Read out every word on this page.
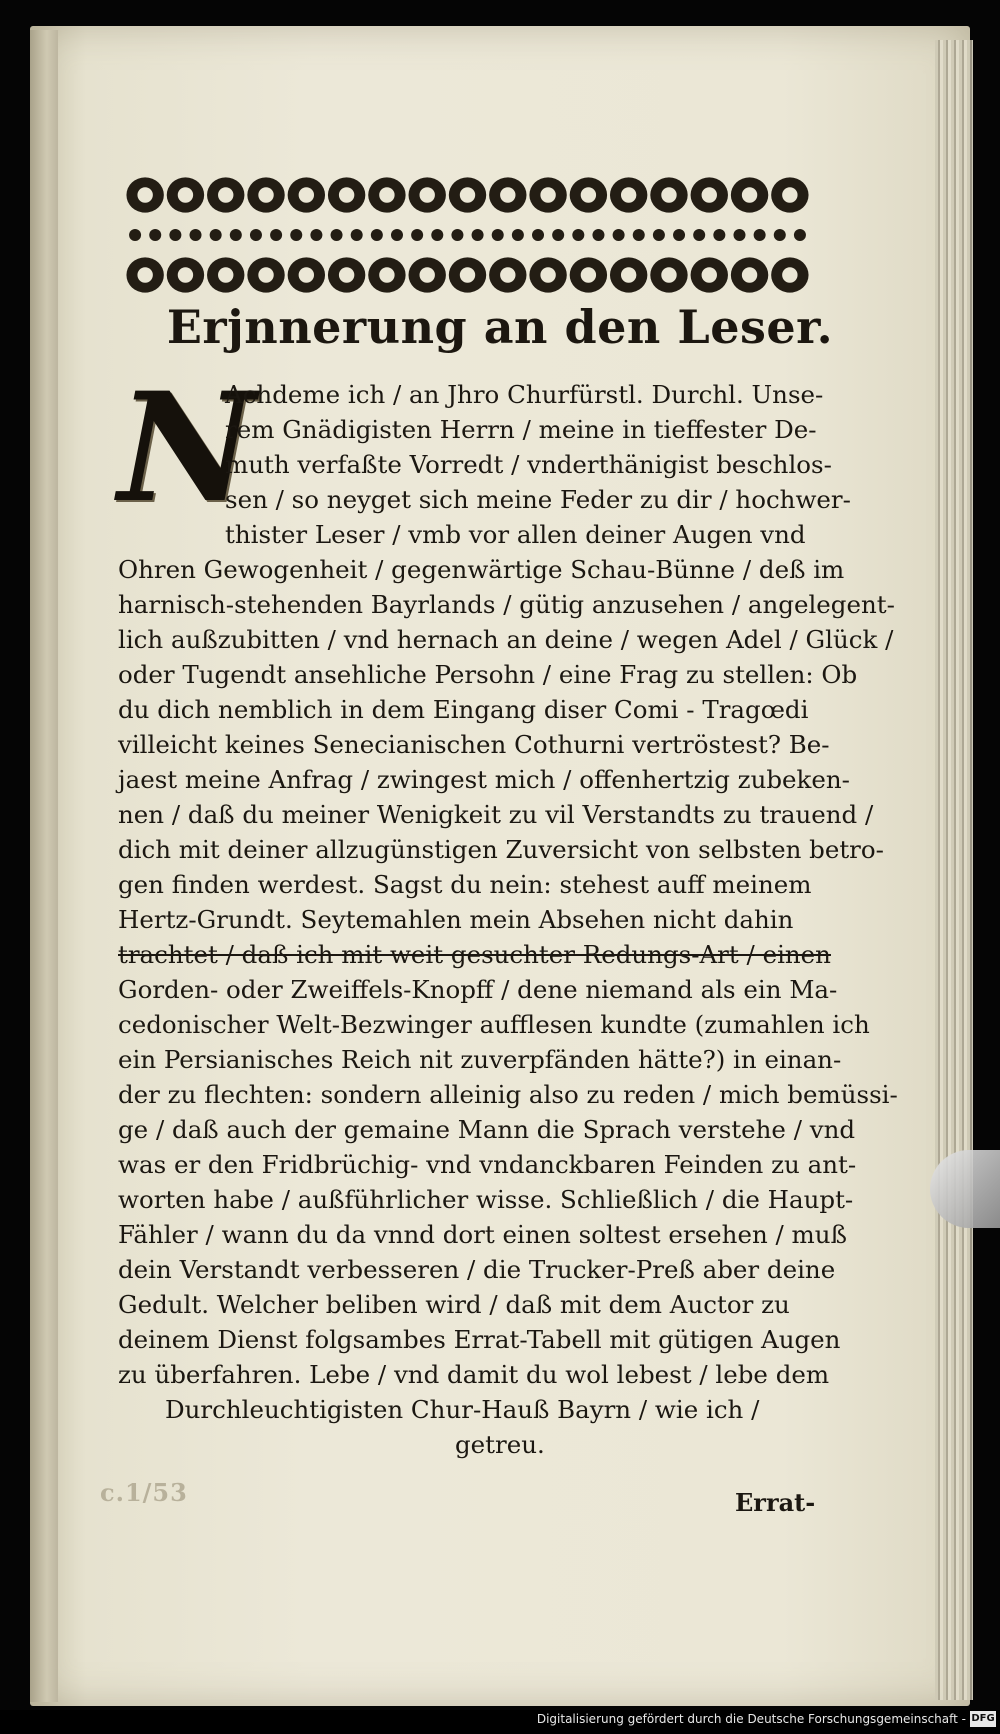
Erjnnerung an den Leser.
N
Achdeme ich / an Jhro Churfürstl. Durchl. Unse-
rem Gnädigisten Herrn / meine in tieffester De-
muth verfaßte Vorredt / vnderthänigist beschlos-
sen / so neyget sich meine Feder zu dir / hochwer-
thister Leser / vmb vor allen deiner Augen vnd
Ohren Gewogenheit / gegenwärtige Schau-Bünne / deß im
harnisch-stehenden Bayrlands / gütig anzusehen / angelegent-
lich außzubitten / vnd hernach an deine / wegen Adel / Glück /
oder Tugendt ansehliche Persohn / eine Frag zu stellen: Ob
du dich nemblich in dem Eingang diser Comi - Tragœdi
villeicht keines Senecianischen Cothurni vertröstest? Be-
jaest meine Anfrag / zwingest mich / offenhertzig zubeken-
nen / daß du meiner Wenigkeit zu vil Verstandts zu trauend /
dich mit deiner allzugünstigen Zuversicht von selbsten betro-
gen finden werdest. Sagst du nein: stehest auff meinem
Hertz-Grundt. Seytemahlen mein Absehen nicht dahin
trachtet / daß ich mit weit gesuchter Redungs-Art / einen
Gorden- oder Zweiffels-Knopff / dene niemand als ein Ma-
cedonischer Welt-Bezwinger aufflesen kundte (zumahlen ich
ein Persianisches Reich nit zuverpfänden hätte?) in einan-
der zu flechten: sondern alleinig also zu reden / mich bemüssi-
ge / daß auch der gemaine Mann die Sprach verstehe / vnd
was er den Fridbrüchig- vnd vndanckbaren Feinden zu ant-
worten habe / außführlicher wisse. Schließlich / die Haupt-
Fähler / wann du da vnnd dort einen soltest ersehen / muß
dein Verstandt verbesseren / die Trucker-Preß aber deine
Gedult. Welcher beliben wird / daß mit dem Auctor zu
deinem Dienst folgsambes Errat-Tabell mit gütigen Augen
zu überfahren. Lebe / vnd damit du wol lebest / lebe dem
Durchleuchtigisten Chur-Hauß Bayrn / wie ich /
getreu.
c.1/53	Errat-
Digitalisierung gefördert durch die Deutsche Forschungsgemeinschaft - DFG
